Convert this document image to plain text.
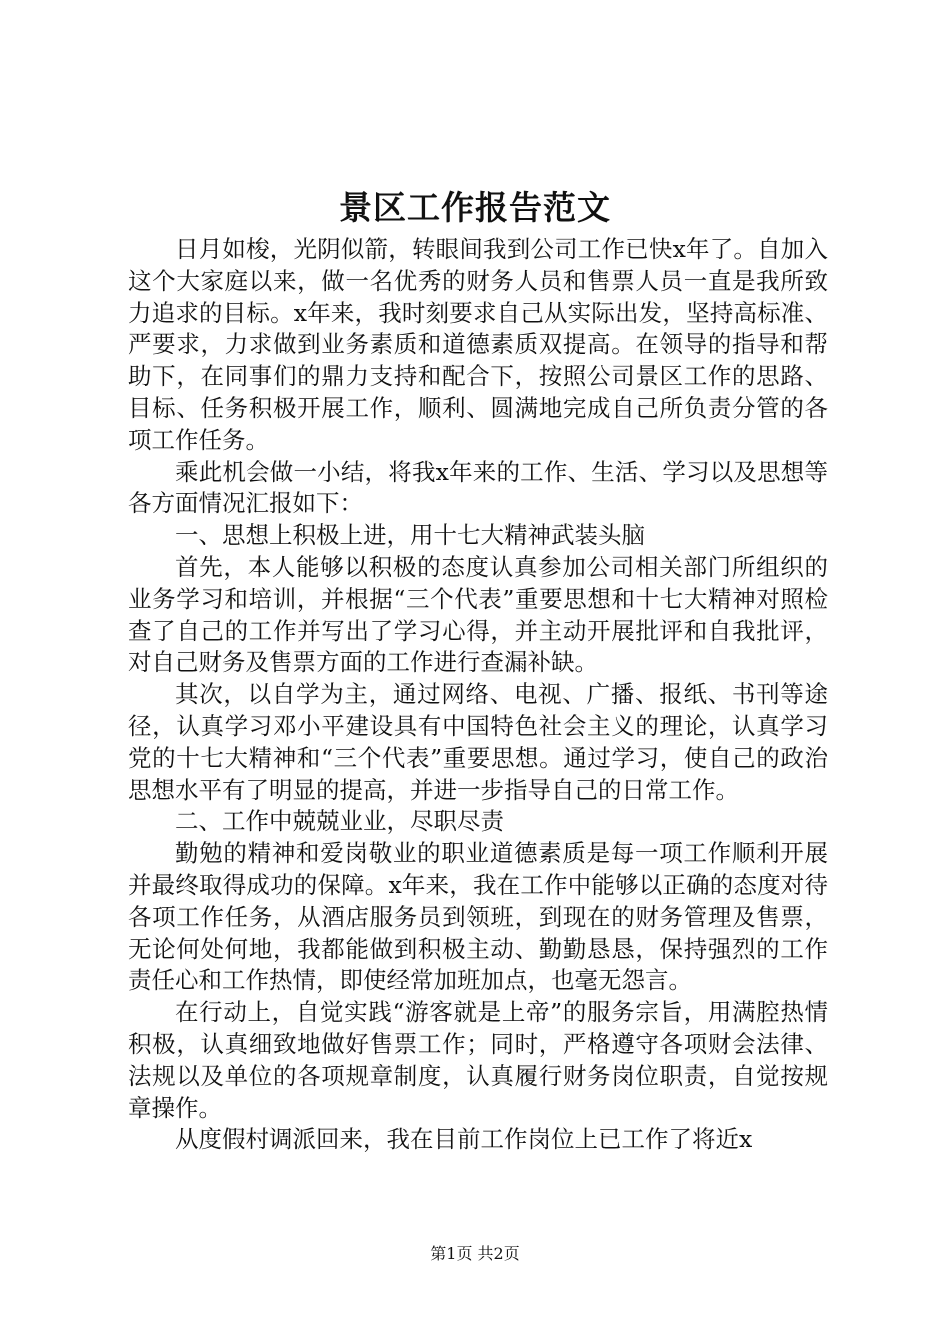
景区工作报告范文

日月如梭，光阴似箭，转眼间我到公司工作已快x年了。自加入这个大家庭以来，做一名优秀的财务人员和售票人员一直是我所致力追求的目标。x年来，我时刻要求自己从实际出发，坚持高标准、严要求，力求做到业务素质和道德素质双提高。在领导的指导和帮助下，在同事们的鼎力支持和配合下，按照公司景区工作的思路、目标、任务积极开展工作，顺利、圆满地完成自己所负责分管的各项工作任务。

乘此机会做一小结，将我x年来的工作、生活、学习以及思想等各方面情况汇报如下：

一、思想上积极上进，用十七大精神武装头脑

首先，本人能够以积极的态度认真参加公司相关部门所组织的业务学习和培训，并根据“三个代表”重要思想和十七大精神对照检查了自己的工作并写出了学习心得，并主动开展批评和自我批评，对自己财务及售票方面的工作进行查漏补缺。

其次，以自学为主，通过网络、电视、广播、报纸、书刊等途径，认真学习邓小平建设具有中国特色社会主义的理论，认真学习党的十七大精神和“三个代表”重要思想。通过学习，使自己的政治思想水平有了明显的提高，并进一步指导自己的日常工作。

二、工作中兢兢业业，尽职尽责

勤勉的精神和爱岗敬业的职业道德素质是每一项工作顺利开展并最终取得成功的保障。x年来，我在工作中能够以正确的态度对待各项工作任务，从酒店服务员到领班，到现在的财务管理及售票，无论何处何地，我都能做到积极主动、勤勤恳恳，保持强烈的工作责任心和工作热情，即使经常加班加点，也毫无怨言。

在行动上，自觉实践“游客就是上帝”的服务宗旨，用满腔热情积极，认真细致地做好售票工作；同时，严格遵守各项财会法律、法规以及单位的各项规章制度，认真履行财务岗位职责，自觉按规章操作。

从度假村调派回来，我在目前工作岗位上已工作了将近x

第1页 共2页
